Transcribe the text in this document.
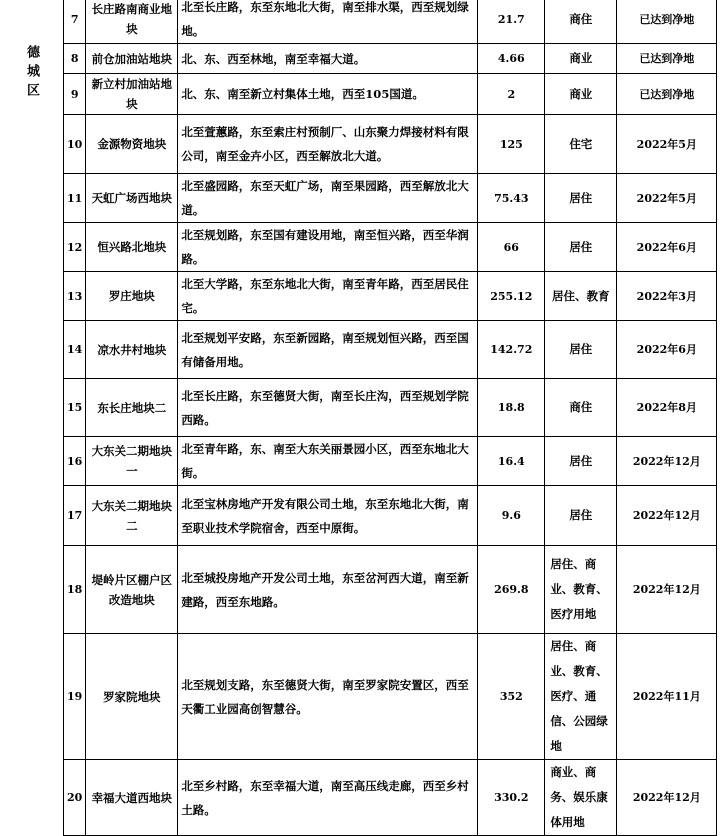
德城区	7	长庄路南商业地块	北至长庄路，东至东地北大街，南至排水渠，西至规划绿地。	21.7	商住	已达到净地
	8	前仓加油站地块	北、东、西至林地，南至幸福大道。	4.66	商业	已达到净地
	9	新立村加油站地块	北、东、南至新立村集体土地，西至105国道。	2	商业	已达到净地
	10	金源物资地块	北至萱蕙路，东至索庄村预制厂、山东聚力焊接材料有限公司，南至金卉小区，西至解放北大道。	125	住宅	2022年5月
	11	天虹广场西地块	北至盛园路，东至天虹广场，南至果园路，西至解放北大道。	75.43	居住	2022年5月
	12	恒兴路北地块	北至规划路，东至国有建设用地，南至恒兴路，西至华润路。	66	居住	2022年6月
	13	罗庄地块	北至大学路，东至东地北大街，南至青年路，西至居民住宅。	255.12	居住、教育	2022年3月
	14	凉水井村地块	北至规划平安路，东至新园路，南至规划恒兴路，西至国有储备用地。	142.72	居住	2022年6月
	15	东长庄地块二	北至长庄路，东至德贤大街，南至长庄沟，西至规划学院西路。	18.8	商住	2022年8月
	16	大东关二期地块一	北至青年路，东、南至大东关丽景园小区，西至东地北大街。	16.4	居住	2022年12月
	17	大东关二期地块二	北至宝林房地产开发有限公司土地，东至东地北大街，南至职业技术学院宿舍，西至中原街。	9.6	居住	2022年12月
	18	堤岭片区棚户区改造地块	北至城投房地产开发公司土地，东至岔河西大道，南至新建路，西至东地路。	269.8	居住、商业、教育、医疗用地	2022年12月
	19	罗家院地块	北至规划支路，东至德贤大街，南至罗家院安置区，西至天衢工业园高创智慧谷。	352	居住、商业、教育、医疗、通信、公园绿地	2022年11月
	20	幸福大道西地块	北至乡村路，东至幸福大道，南至高压线走廊，西至乡村土路。	330.2	商业、商务、娱乐康体用地	2022年12月
